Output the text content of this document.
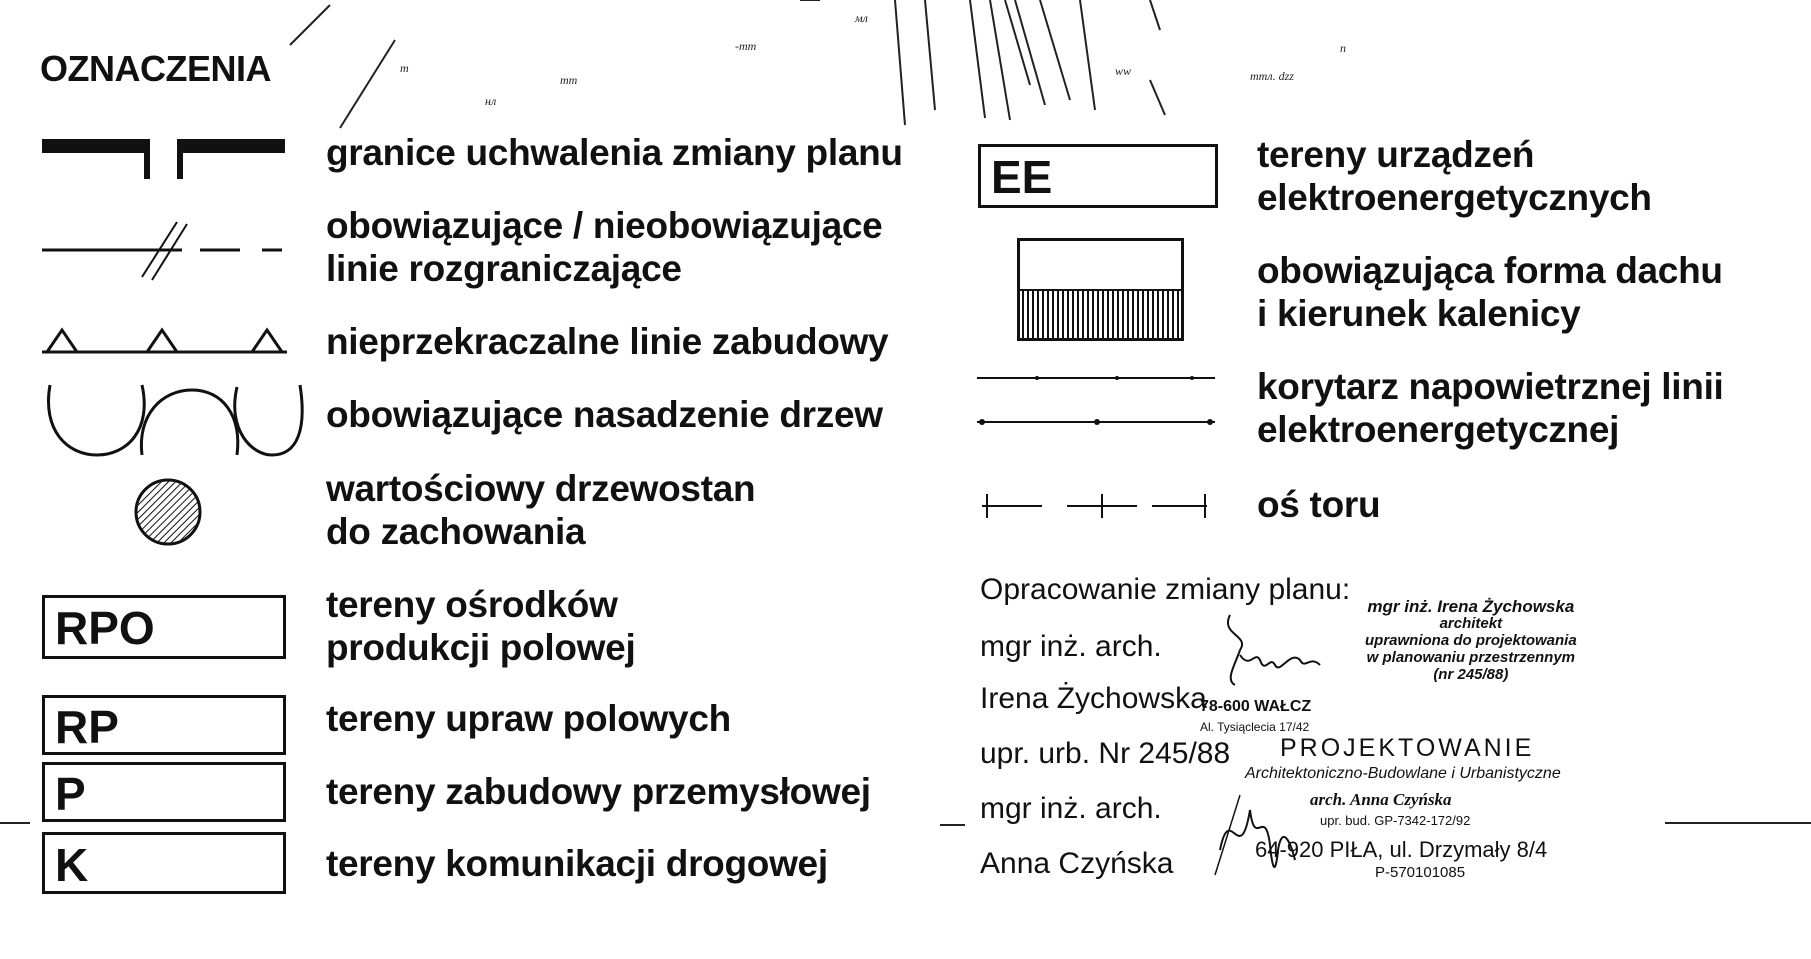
m
нл
тт
-тт
мл
ww	ттл. dzz
п
OZNACZENIA
RPO
RP
P
K
granice uchwalenia zmiany planu
obowiązujące / nieobowiązujące
linie rozgraniczające
nieprzekraczalne linie zabudowy
obowiązujące nasadzenie drzew
wartościowy drzewostan
do zachowania
tereny ośrodków
produkcji polowej
tereny upraw polowych
tereny zabudowy przemysłowej
tereny komunikacji drogowej
EE	tereny urządzeń
elektroenergetycznych
obowiązująca forma dachu
i kierunek kalenicy
korytarz napowietrznej linii
elektroenergetycznej
oś toru
Opracowanie zmiany planu:
mgr inż. arch.
Irena Żychowska
upr. urb. Nr 245/88
mgr inż. arch.
Anna Czyńska
mgr inż. Irena Żychowska
architekt
uprawniona do projektowania
w planowaniu przestrzennym
(nr 245/88)
78-600 WAŁCZ
Al. Tysiąclecia 17/42
PROJEKTOWANIE
Architektoniczno-Budowlane i Urbanistyczne
arch. Anna Czyńska
upr. bud. GP-7342-172/92
64-920 PIŁA, ul. Drzymały 8/4
P-570101085
